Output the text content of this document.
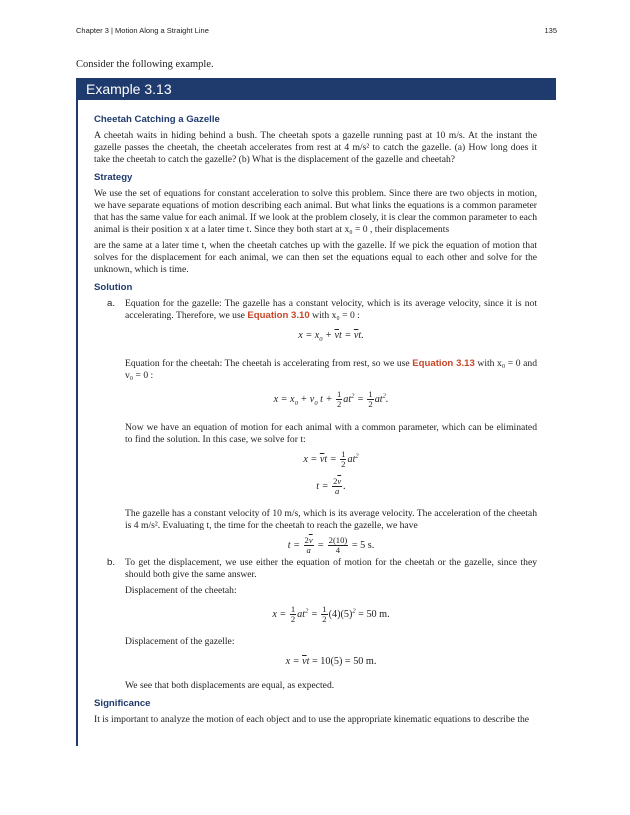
Chapter 3 | Motion Along a Straight Line	135
Consider the following example.
Example 3.13
Cheetah Catching a Gazelle

A cheetah waits in hiding behind a bush. The cheetah spots a gazelle running past at 10 m/s. At the instant the gazelle passes the cheetah, the cheetah accelerates from rest at 4 m/s² to catch the gazelle. (a) How long does it take the cheetah to catch the gazelle? (b) What is the displacement of the gazelle and cheetah?

Strategy

We use the set of equations for constant acceleration to solve this problem. Since there are two objects in motion, we have separate equations of motion describing each animal. But what links the equations is a common parameter that has the same value for each animal. If we look at the problem closely, it is clear the common parameter to each animal is their position x at a later time t. Since they both start at x₀ = 0 , their displacements

are the same at a later time t, when the cheetah catches up with the gazelle. If we pick the equation of motion that solves for the displacement for each animal, we can then set the equations equal to each other and solve for the unknown, which is time.

Solution
a. Equation for the gazelle: The gazelle has a constant velocity, which is its average velocity, since it is not accelerating. Therefore, we use Equation 3.10 with x₀ = 0 :

$x = x_0 + \overline{v}t = \overline{v}t$.

Equation for the cheetah: The cheetah is accelerating from rest, so we use Equation 3.13 with x₀ = 0 and v₀ = 0 :

$x = x_0 + v_0$ $t + \frac{1}{2} at^2 = \frac{1}{2} at^2$.

Now we have an equation of motion for each animal with a common parameter, which can be eliminated to find the solution. In this case, we solve for t:

$x = \overline{v}t = \frac{1}{2} at^2$
$t = \frac{2\overline{v}}{a}$ .

The gazelle has a constant velocity of 10 m/s, which is its average velocity. The acceleration of the cheetah is 4 m/s². Evaluating t, the time for the cheetah to reach the gazelle, we have

$t = \frac{2\overline{v}}{a} = \frac{2(10)}{4} = 5$ s.
b. To get the displacement, we use either the equation of motion for the cheetah or the gazelle, since they should both give the same answer.

Displacement of the cheetah:

$x = \frac{1}{2} at^2 = \frac{1}{2} (4)(5)^2 = 50$ m.

Displacement of the gazelle:

$x = \overline{v}t = 10(5) = 50$ m.

We see that both displacements are equal, as expected.

Significance

It is important to analyze the motion of each object and to use the appropriate kinematic equations to describe the
